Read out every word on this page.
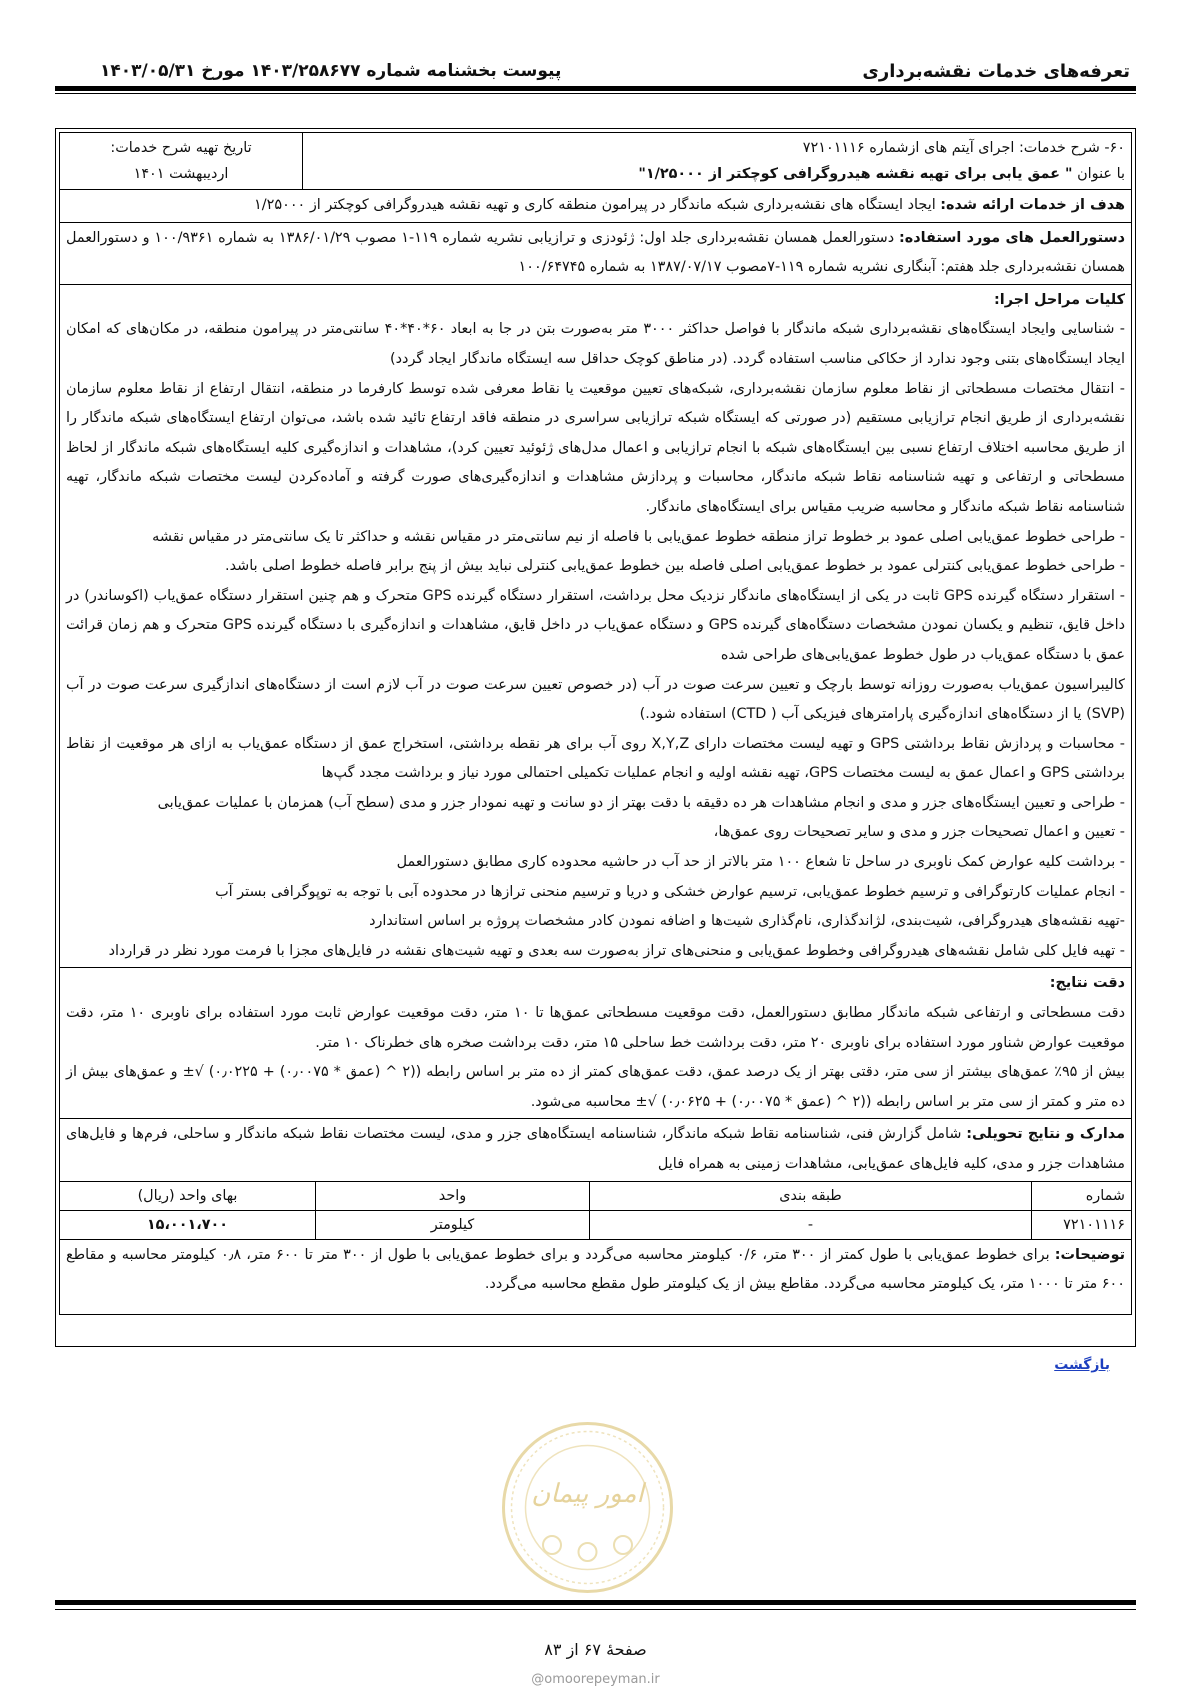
تعرفه‌های خدمات نقشه‌برداری
پیوست بخشنامه شماره ۱۴۰۳/۲۵۸۶۷۷ مورخ ۱۴۰۳/۰۵/۳۱
۶۰- شرح خدمات: اجرای آیتم های ازشماره ۷۲۱۰۱۱۱۶
با عنوان " عمق یابی برای تهیه نقشه هیدروگرافی کوچکتر از ۱/۲۵۰۰۰"

تاریخ تهیه شرح خدمات:
اردیبهشت ۱۴۰۱
هدف از خدمات ارائه شده: ایجاد ایستگاه های نقشه‌برداری شبکه ماندگار در پیرامون منطقه کاری و تهیه نقشه هیدروگرافی کوچکتر از ۱/۲۵۰۰۰
دستورالعمل های مورد استفاده: دستورالعمل همسان نقشه‌برداری جلد اول: ژئودزی و ترازیابی نشریه شماره ۱۱۹-۱ مصوب ۱۳۸۶/۰۱/۲۹ به شماره ۱۰۰/۹۳۶۱ و دستورالعمل همسان نقشه‌برداری جلد هفتم: آبنگاری نشریه شماره ۱۱۹-۷مصوب ۱۳۸۷/۰۷/۱۷ به شماره ۱۰۰/۶۴۷۴۵
کلیات مراحل اجرا:
- شناسایی وایجاد ایستگاه‌های نقشه‌برداری شبکه ماندگار با فواصل حداکثر ۳۰۰۰ متر به‌صورت بتن در جا به ابعاد ۶۰*۴۰*۴۰ سانتی‌متر در پیرامون منطقه، در مکان‌های که امکان ایجاد ایستگاه‌های بتنی وجود ندارد از حکاکی مناسب استفاده گردد. (در مناطق کوچک حداقل سه ایستگاه ماندگار ایجاد گردد)
- انتقال مختصات مسطحاتی از نقاط معلوم سازمان نقشه‌برداری، شبکه‌های تعیین موقعیت یا نقاط معرفی شده توسط کارفرما در منطقه، انتقال ارتفاع از نقاط معلوم سازمان نقشه‌برداری از طریق انجام ترازیابی مستقیم (در صورتی که ایستگاه شبکه ترازیابی سراسری در منطقه فاقد ارتفاع تائید شده باشد، می‌توان ارتفاع ایستگاه‌های شبکه ماندگار را از طریق محاسبه اختلاف ارتفاع نسبی بین ایستگاه‌های شبکه با انجام ترازیابی و اعمال مدل‌های ژئوئید تعیین کرد)، مشاهدات و اندازه‌گیری کلیه ایستگاه‌های شبکه ماندگار از لحاظ مسطحاتی و ارتفاعی و تهیه شناسنامه نقاط شبکه ماندگار، محاسبات و پردازش مشاهدات و اندازه‌گیری‌های صورت گرفته و آماده‌کردن لیست مختصات شبکه ماندگار، تهیه شناسنامه نقاط شبکه ماندگار و محاسبه ضریب مقیاس برای ایستگاه‌های ماندگار.
- طراحی خطوط عمق‌یابی اصلی عمود بر خطوط تراز منطقه خطوط عمق‌یابی با فاصله از نیم سانتی‌متر در مقیاس نقشه و حداکثر تا یک سانتی‌متر در مقیاس نقشه
- طراحی خطوط عمق‌یابی کنترلی عمود بر خطوط عمق‌یابی اصلی فاصله بین خطوط عمق‌یابی کنترلی نباید بیش از پنج برابر فاصله خطوط اصلی باشد.
- استقرار دستگاه گیرنده GPS ثابت در یکی از ایستگاه‌های ماندگار نزدیک محل برداشت، استقرار دستگاه گیرنده GPS متحرک و هم چنین استقرار دستگاه عمق‌یاب (اکوساندر) در داخل قایق، تنظیم و یکسان نمودن مشخصات دستگاه‌های گیرنده GPS و دستگاه عمق‌یاب در داخل قایق، مشاهدات و اندازه‌گیری با دستگاه گیرنده GPS متحرک و هم زمان قرائت عمق با دستگاه عمق‌یاب در طول خطوط عمق‌یابی‌های طراحی شده
کالیبراسیون عمق‌یاب به‌صورت روزانه توسط بارچک و تعیین سرعت صوت در آب (در خصوص تعیین سرعت صوت در آب لازم است از دستگاه‌های اندازگیری سرعت صوت در آب (SVP) یا از دستگاه‌های اندازه‌گیری پارامترهای فیزیکی آب ( CTD) استفاده شود.)
- محاسبات و پردازش نقاط برداشتی GPS و تهیه لیست مختصات دارای X,Y,Z روی آب برای هر نقطه برداشتی، استخراج عمق از دستگاه عمق‌یاب به ازای هر موقعیت از نقاط برداشتی GPS و اعمال عمق به لیست مختصات GPS، تهیه نقشه اولیه و انجام عملیات تکمیلی احتمالی مورد نیاز و برداشت مجدد گپ‌ها
- طراحی و تعیین ایستگاه‌های جزر و مدی و انجام مشاهدات هر ده دقیقه با دقت بهتر از دو سانت و تهیه نمودار جزر و مدی (سطح آب) همزمان با عملیات عمق‌یابی
- تعیین و اعمال تصحیحات جزر و مدی و سایر تصحیحات روی عمق‌ها،
- برداشت کلیه عوارض کمک ناوبری در ساحل تا شعاع ۱۰۰ متر بالاتر از حد آب در حاشیه محدوده کاری مطابق دستورالعمل
- انجام عملیات کارتوگرافی و ترسیم خطوط عمق‌یابی، ترسیم عوارض خشکی و دریا و ترسیم منحنی ترازها در محدوده آبی با توجه به توپوگرافی بستر آب
-تهیه نقشه‌های هیدروگرافی، شیت‌بندی، لژاندگذاری، نام‌گذاری شیت‌ها و اضافه نمودن کادر مشخصات پروژه بر اساس استاندارد
- تهیه فایل کلی شامل نقشه‌های هیدروگرافی وخطوط عمق‌یابی و منحنی‌های تراز به‌صورت سه بعدی و تهیه شیت‌های نقشه در فایل‌های مجزا با فرمت مورد نظر در قرارداد
دقت نتایج:
دقت مسطحاتی و ارتفاعی شبکه ماندگار مطابق دستورالعمل، دقت موقعیت مسطحاتی عمق‌ها تا ۱۰ متر، دقت موقعیت عوارض ثابت مورد استفاده برای ناوبری ۱۰ متر، دقت موقعیت عوارض شناور مورد استفاده برای ناوبری ۲۰ متر، دقت برداشت خط ساحلی ۱۵ متر، دقت برداشت صخره های خطرناک ۱۰ متر.
بیش از ۹۵٪ عمق‌های بیشتر از سی متر، دقتی بهتر از یک درصد عمق، دقت عمق‌های کمتر از ده متر بر اساس رابطه ((۲ ^ (عمق * ۰٫۰۰۷۵) + ۰٫۰۲۲۵) √± و عمق‌های بیش از ده متر و کمتر از سی متر بر اساس رابطه ((۲ ^ (عمق * ۰٫۰۰۷۵) + ۰٫۰۶۲۵) √± محاسبه می‌شود.
مدارک و نتایج تحویلی: شامل گزارش فنی، شناسنامه نقاط شبکه ماندگار، شناسنامه ایستگاه‌های جزر و مدی، لیست مختصات نقاط شبکه ماندگار و ساحلی، فرم‌ها و فایل‌های مشاهدات جزر و مدی، کلیه فایل‌های عمق‌یابی، مشاهدات زمینی به همراه فایل
شماره	طبقه بندی	واحد	بهای واحد (ریال)
۷۲۱۰۱۱۱۶	-	کیلومتر	۱۵،۰۰۱،۷۰۰
توضیحات: برای خطوط عمق‌یابی با طول کمتر از ۳۰۰ متر، ۰/۶ کیلومتر محاسبه می‌گردد و برای خطوط عمق‌یابی با طول از ۳۰۰ متر تا ۶۰۰ متر، ۰٫۸ کیلومتر محاسبه و مقاطع ۶۰۰ متر تا ۱۰۰۰ متر، یک کیلومتر محاسبه می‌گردد. مقاطع بیش از یک کیلومتر طول مقطع محاسبه می‌گردد.
بازگشت
امور پیمان
صفحهٔ ۶۷ از ۸۳
@omoorepeyman.ir
